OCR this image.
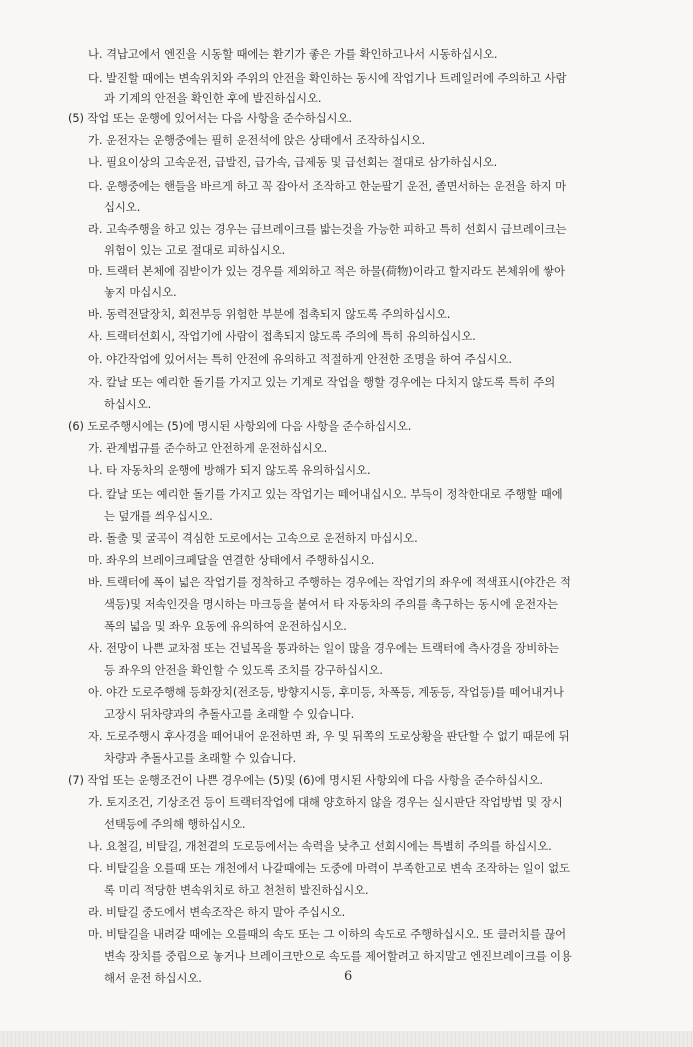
나. 격납고에서 엔진을 시동할 때에는 환기가 좋은 가를 확인하고나서 시동하십시오.
다. 발진할 때에는 변속위치와 주위의 안전을 확인하는 동시에 작업기나 트레일러에 주의하고 사람
과 기계의 안전을 확인한 후에 발진하십시오.
(5) 작업 또는 운행에 있어서는 다음 사항을 준수하십시오.
가. 운전자는 운행중에는 필히 운전석에 앉은 상태에서 조작하십시오.
나. 필요이상의 고속운전, 급발진, 급가속, 급제동 및 급선회는 절대로 삼가하십시오.
다. 운행중에는 핸들을 바르게 하고 꼭 잡아서 조작하고 한눈팔기 운전, 졸면서하는 운전을 하지 마
십시오.
라. 고속주행을 하고 있는 경우는 급브레이크를 밟는것을 가능한 피하고 특히 선회시 급브레이크는
위험이 있는 고로 절대로 피하십시오.
마. 트랙터 본체에 짐받이가 있는 경우를 제외하고 적은 하물(荷物)이라고 할지라도 본체위에 쌓아
놓지 마십시오.
바. 동력전달장치, 회전부등 위험한 부분에 접촉되지 않도록 주의하십시오.
사. 트랙터선회시, 작업기에 사람이 접촉되지 않도록 주의에 특히 유의하십시오.
아. 야간작업에 있어서는 특히 안전에 유의하고 적절하게 안전한 조명을 하여 주십시오.
자. 칼날 또는 예리한 돌기를 가지고 있는 기계로 작업을 행할 경우에는 다치지 않도록 특히 주의
하십시오.
(6) 도로주행시에는 (5)에 명시된 사항외에 다음 사항을 준수하십시오.
가. 관계법규를 준수하고 안전하게 운전하십시오.
나. 타 자동차의 운행에 방해가 되지 않도록 유의하십시오.
다. 칼날 또는 예리한 돌기를 가지고 있는 작업기는 떼어내십시오. 부득이 정착한대로 주행할 때에
는 덮개를 씌우십시오.
라. 돌출 및 굴곡이 격심한 도로에서는 고속으로 운전하지 마십시오.
마. 좌우의 브레이크페달을 연결한 상태에서 주행하십시오.
바. 트랙터에 폭이 넓은 작업기를 정착하고 주행하는 경우에는 작업기의 좌우에 적색표시(야간은 적
색등)및 저속인것을 명시하는 마크등을 붙여서 타 자동차의 주의를 촉구하는 동시에 운전자는
폭의 넓음 및 좌우 요동에 유의하여 운전하십시오.
사. 전망이 나쁜 교차점 또는 건널목을 통과하는 일이 많을 경우에는 트랙터에 측사경을 장비하는
등 좌우의 안전을 확인할 수 있도록 조치를 강구하십시오.
아. 야간 도로주행해 등화장치(전조등, 방향지시등, 후미등, 차폭등, 계동등, 작업등)를 떼어내거나
고장시 뒤차량과의 추돌사고를 초래할 수 있습니다.
자. 도로주행시 후사경을 떼어내어 운전하면 좌, 우 및 뒤쪽의 도로상황을 판단할 수 없기 때문에 뒤
차량과 추돌사고를 초래할 수 있습니다.
(7) 작업 또는 운행조건이 나쁜 경우에는 (5)및 (6)에 명시된 사항외에 다음 사항을 준수하십시오.
가. 토지조건, 기상조건 등이 트랙터작업에 대해 양호하지 않을 경우는 실시판단 작업방법 및 장시
선택등에 주의해 행하십시오.
나. 요철길, 비탈길, 개천곁의 도로등에서는 속력을 낮추고 선회시에는 특별히 주의를 하십시오.
다. 비탈길을 오를때 또는 개천에서 나갈때에는 도중에 마력이 부족한고로 변속 조작하는 일이 없도
록 미리 적당한 변속위치로 하고 천천히 발진하십시오.
라. 비탈길 중도에서 변속조작은 하지 말아 주십시오.
마. 비탈길을 내려갈 때에는 오를때의 속도 또는 그 이하의 속도로 주행하십시오. 또 클러치를 끊어
변속 장치를 중립으로 놓거나 브레이크만으로 속도를 제어할려고 하지말고 엔진브레이크를 이용
해서 운전 하십시오.	6
